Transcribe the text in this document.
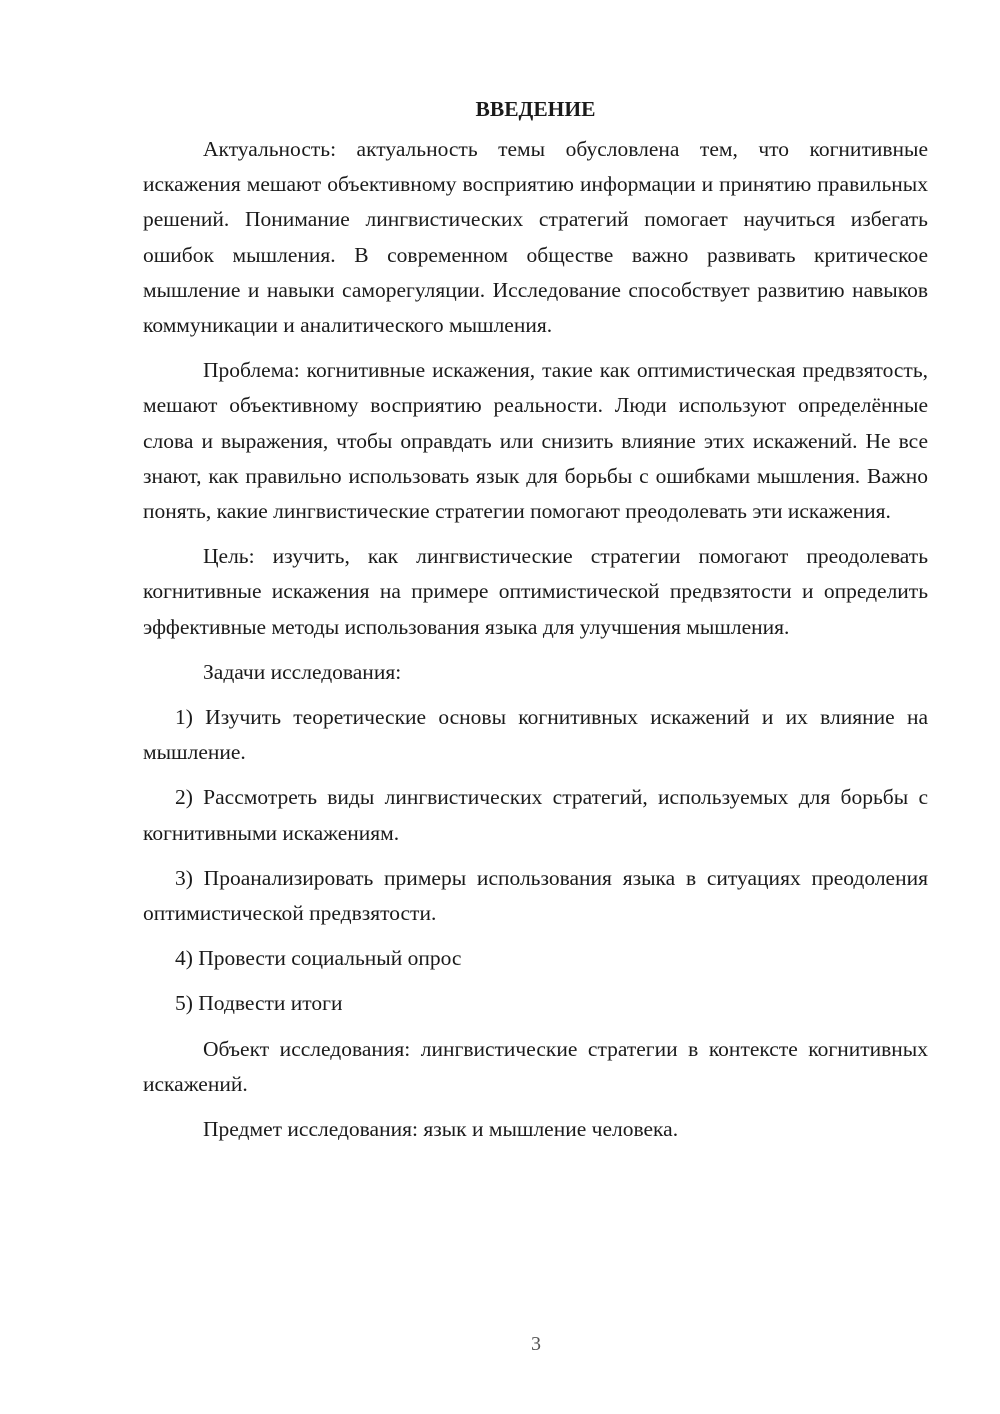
ВВЕДЕНИЕ

Актуальность: актуальность темы обусловлена тем, что когнитивные искажения мешают объективному восприятию информации и принятию правильных решений. Понимание лингвистических стратегий помогает научиться избегать ошибок мышления. В современном обществе важно развивать критическое мышление и навыки саморегуляции. Исследование способствует развитию навыков коммуникации и аналитического мышления.

Проблема: когнитивные искажения, такие как оптимистическая предвзятость, мешают объективному восприятию реальности. Люди используют определённые слова и выражения, чтобы оправдать или снизить влияние этих искажений. Не все знают, как правильно использовать язык для борьбы с ошибками мышления. Важно понять, какие лингвистические стратегии помогают преодолевать эти искажения.

Цель: изучить, как лингвистические стратегии помогают преодолевать когнитивные искажения на примере оптимистической предвзятости и определить эффективные методы использования языка для улучшения мышления.

Задачи исследования:

1) Изучить теоретические основы когнитивных искажений и их влияние на мышление.

2) Рассмотреть виды лингвистических стратегий, используемых для борьбы с когнитивными искажениям.

3) Проанализировать примеры использования языка в ситуациях преодоления оптимистической предвзятости.

4) Провести социальный опрос

5) Подвести итоги

Объект исследования: лингвистические стратегии в контексте когнитивных искажений.

Предмет исследования: язык и мышление человека.

3
